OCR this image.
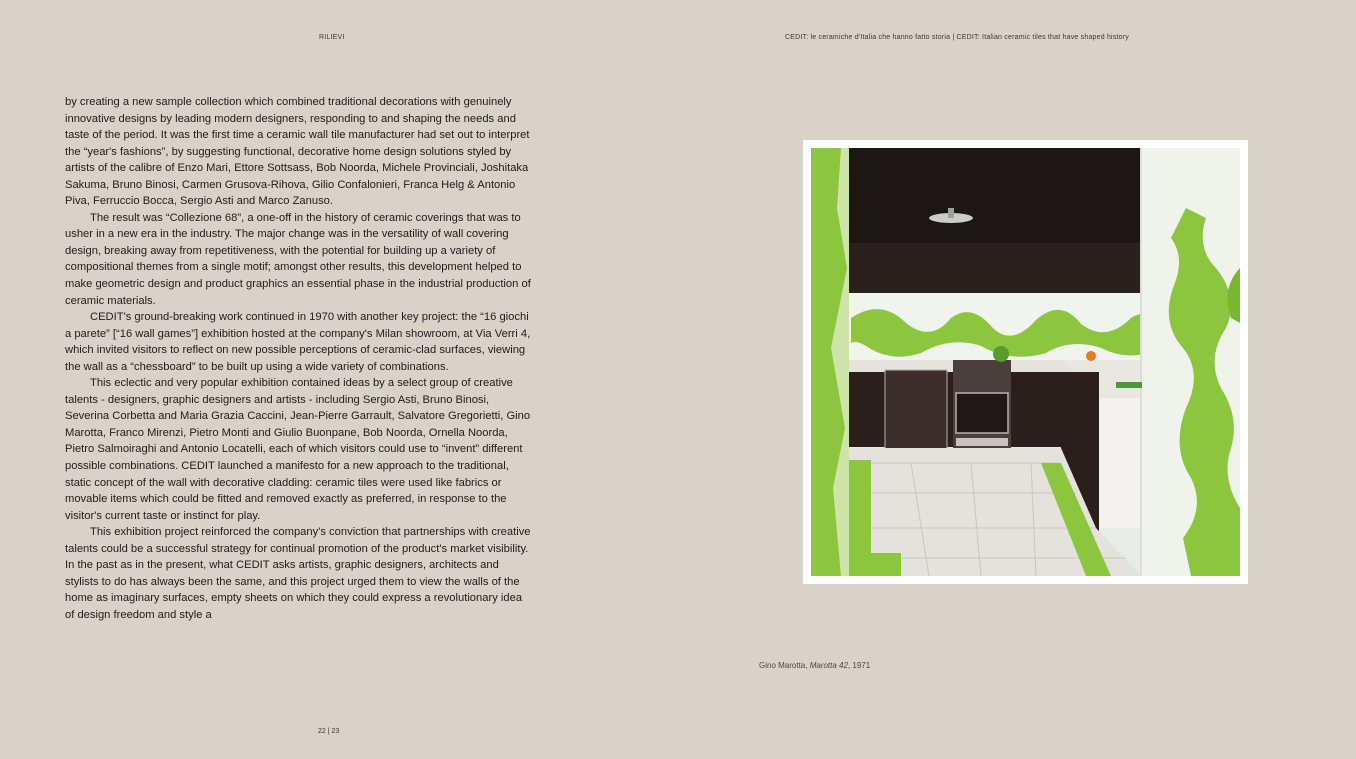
RILIEVI	CEDIT: le ceramiche d'Italia che hanno fatto storia | CEDIT: Italian ceramic tiles that have shaped history

by creating a new sample collection which combined traditional decorations with genuinely innovative designs by leading modern designers, responding to and shaping the needs and taste of the period. It was the first time a ceramic wall tile manufacturer had set out to interpret the “year's fashions”, by suggesting functional, decorative home design solutions styled by artists of the calibre of Enzo Mari, Ettore Sottsass, Bob Noorda, Michele Provinciali, Joshitaka Sakuma, Bruno Binosi, Carmen Grusova-Rihova, Gilio Confalonieri, Franca Helg & Antonio Piva, Ferruccio Bocca, Sergio Asti and Marco Zanuso.

The result was “Collezione 68”, a one-off in the history of ceramic coverings that was to usher in a new era in the industry. The major change was in the versatility of wall covering design, breaking away from repetitiveness, with the potential for building up a variety of compositional themes from a single motif; amongst other results, this development helped to make geometric design and product graphics an essential phase in the industrial production of ceramic materials.

CEDIT's ground-breaking work continued in 1970 with another key project: the “16 giochi a parete” [“16 wall games”] exhibition hosted at the company's Milan showroom, at Via Verri 4, which invited visitors to reflect on new possible perceptions of ceramic-clad surfaces, viewing the wall as a “chessboard” to be built up using a wide variety of combinations.

This eclectic and very popular exhibition contained ideas by a select group of creative talents - designers, graphic designers and artists - including Sergio Asti, Bruno Binosi, Severina Corbetta and Maria Grazia Caccini, Jean-Pierre Garrault, Salvatore Gregorietti, Gino Marotta, Franco Mirenzi, Pietro Monti and Giulio Buonpane, Bob Noorda, Ornella Noorda, Pietro Salmoiraghi and Antonio Locatelli, each of which visitors could use to “invent” different possible combinations. CEDIT launched a manifesto for a new approach to the traditional, static concept of the wall with decorative cladding: ceramic tiles were used like fabrics or movable items which could be fitted and removed exactly as preferred, in response to the visitor's current taste or instinct for play.

This exhibition project reinforced the company's conviction that partnerships with creative talents could be a successful strategy for continual promotion of the product's market visibility. In the past as in the present, what CEDIT asks artists, graphic designers, architects and stylists to do has always been the same, and this project urged them to view the walls of the home as imaginary surfaces, empty sheets on which they could express a revolutionary idea of design freedom and style a

Gino Marotta, Marotta 42, 1971
22 | 23
